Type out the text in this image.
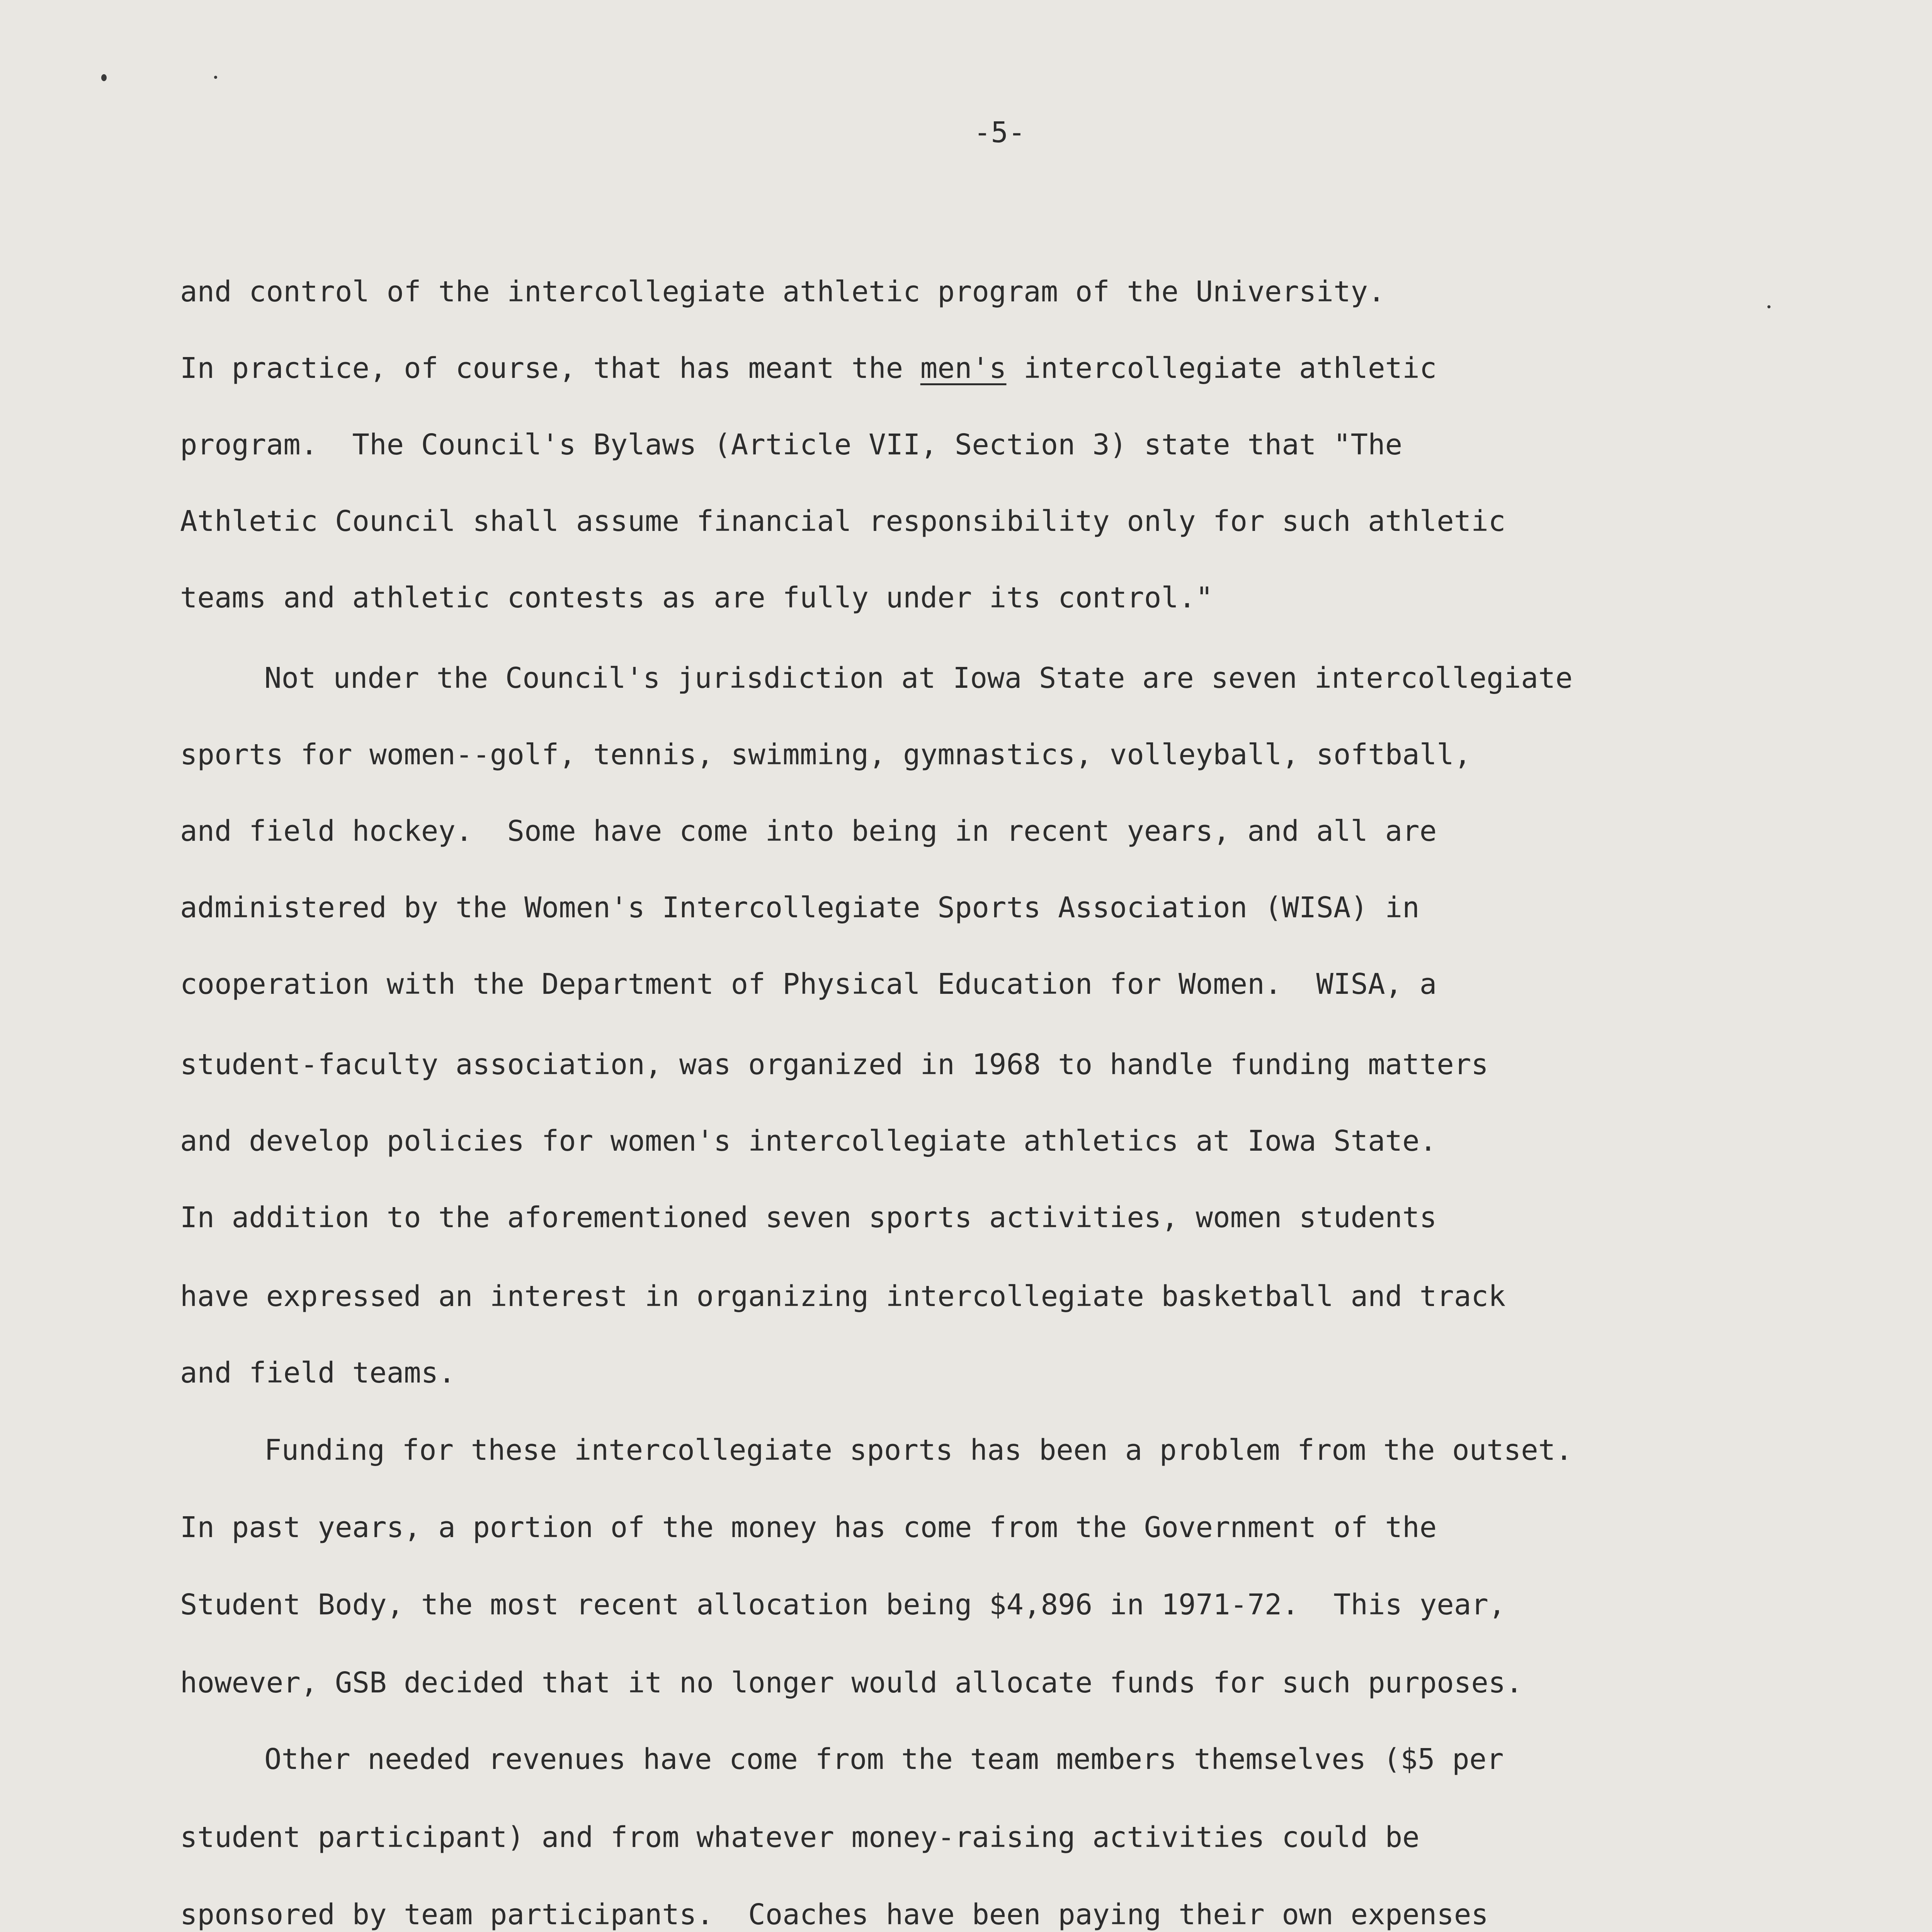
-5-
and control of the intercollegiate athletic program of the University.
In practice, of course, that has meant the men's intercollegiate athletic
program.  The Council's Bylaws (Article VII, Section 3) state that "The
Athletic Council shall assume financial responsibility only for such athletic
teams and athletic contests as are fully under its control."
Not under the Council's jurisdiction at Iowa State are seven intercollegiate
sports for women--golf, tennis, swimming, gymnastics, volleyball, softball,
and field hockey.  Some have come into being in recent years, and all are
administered by the Women's Intercollegiate Sports Association (WISA) in
cooperation with the Department of Physical Education for Women.  WISA, a
student-faculty association, was organized in 1968 to handle funding matters
and develop policies for women's intercollegiate athletics at Iowa State.
In addition to the aforementioned seven sports activities, women students
have expressed an interest in organizing intercollegiate basketball and track
and field teams.
Funding for these intercollegiate sports has been a problem from the outset.
In past years, a portion of the money has come from the Government of the
Student Body, the most recent allocation being $4,896 in 1971-72.  This year,
however, GSB decided that it no longer would allocate funds for such purposes.
Other needed revenues have come from the team members themselves ($5 per
student participant) and from whatever money-raising activities could be
sponsored by team participants.  Coaches have been paying their own expenses
